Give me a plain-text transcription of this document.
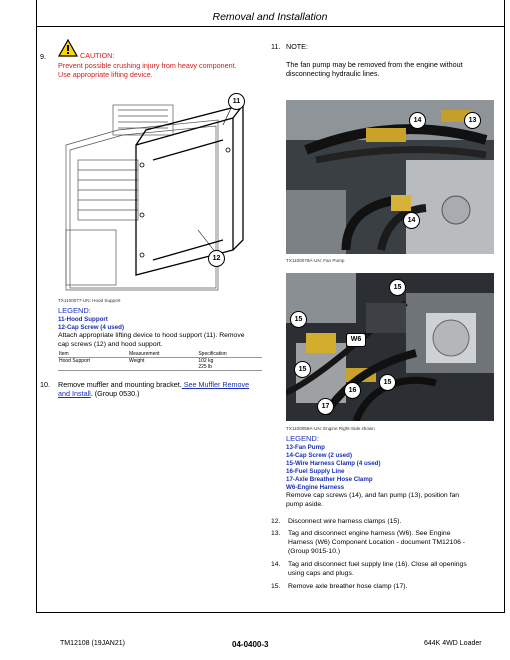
Removal and Installation
9.	CAUTION:
Prevent possible crushing injury from heavy component.
Use appropriate lifting device.
11
12
TX1100077-UN: Hood Support
LEGEND:
11-Hood Support
12-Cap Screw (4 used)
Attach appropriate lifting device to hood support (11). Remove
cap screws (12) and hood support.
Item	Measurement	Specification
Hood Support	Weight	102 kg
		225 lb
10. Remove muffler and mounting bracket. See Muffler Remove
and Install. (Group 0530.)
11. NOTE:
The fan pump may be removed from the engine without
disconnecting hydraulic lines.
14	13
14
TX1100078A-UN: Fan Pump
15
15
W6
15
16
15
17
TX1100058A-UN: Engine Right-Side shown
LEGEND:
13-Fan Pump
14-Cap Screw (2 used)
15-Wire Harness Clamp (4 used)
16-Fuel Supply Line
17-Axle Breather Hose Clamp
W6-Engine Harness
Remove cap screws (14), and fan pump (13), position fan
pump aside.
12. Disconnect wire harness clamps (15).
13. Tag and disconnect engine harness (W6). See Engine
Harness (W6) Component Location - document TM12106 -
(Group 9015-10.)
14. Tag and disconnect fuel supply line (16). Close all openings
using caps and plugs.
15. Remove axle breather hose clamp (17).
TM12108 (19JAN21)	04-0400-3	644K 4WD Loader
